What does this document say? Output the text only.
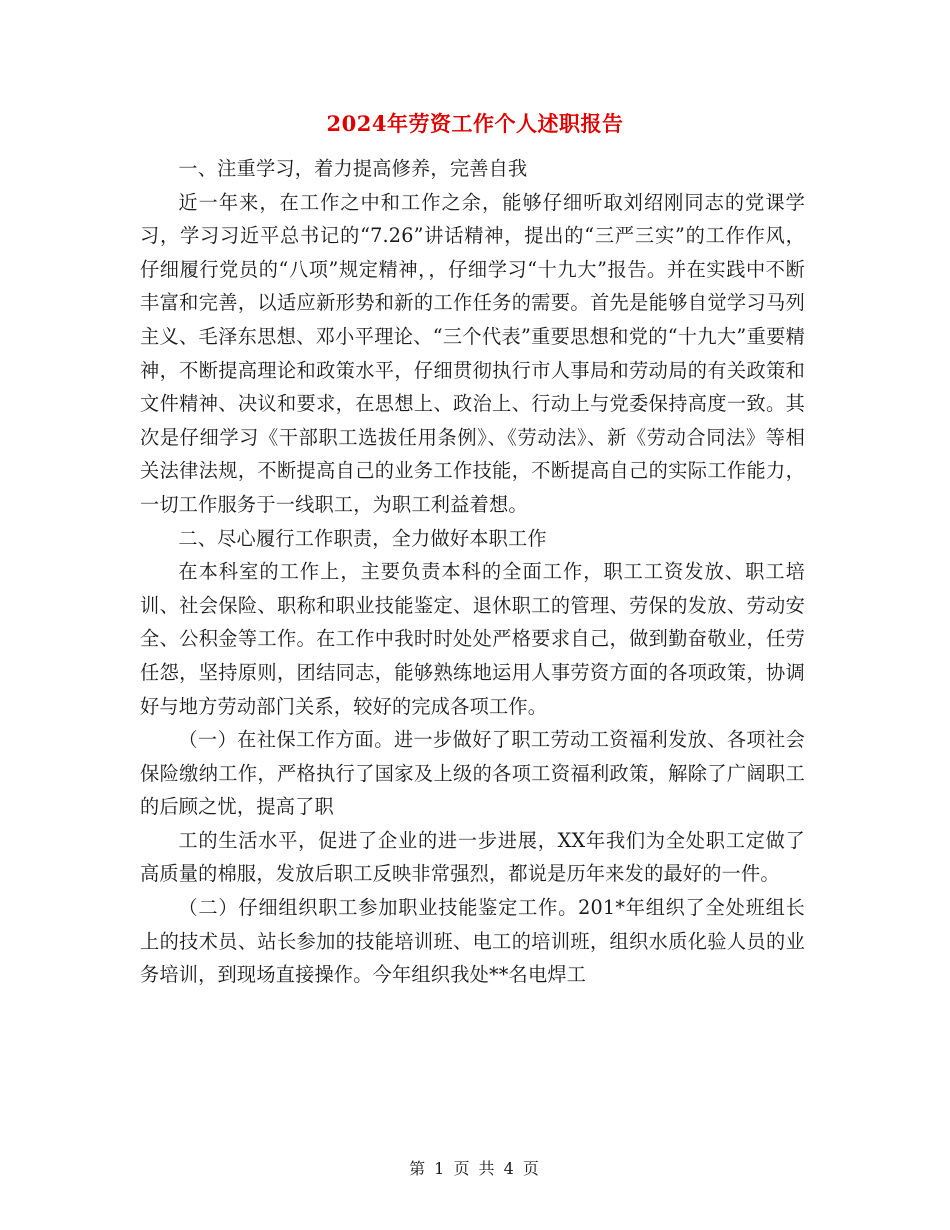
2024年劳资工作个人述职报告

一、注重学习，着力提高修养，完善自我

近一年来，在工作之中和工作之余，能够仔细听取刘绍刚同志的党课学习，学习习近平总书记的“7.26”讲话精神，提出的“三严三实”的工作作风，仔细履行党员的“八项”规定精神，，仔细学习“十九大”报告。并在实践中不断丰富和完善，以适应新形势和新的工作任务的需要。首先是能够自觉学习马列主义、毛泽东思想、邓小平理论、“三个代表”重要思想和党的“十九大”重要精神，不断提高理论和政策水平，仔细贯彻执行市人事局和劳动局的有关政策和文件精神、决议和要求，在思想上、政治上、行动上与党委保持高度一致。其次是仔细学习《干部职工选拔任用条例》、《劳动法》、新《劳动合同法》等相关法律法规，不断提高自己的业务工作技能，不断提高自己的实际工作能力，一切工作服务于一线职工，为职工利益着想。

二、尽心履行工作职责，全力做好本职工作

在本科室的工作上，主要负责本科的全面工作，职工工资发放、职工培训、社会保险、职称和职业技能鉴定、退休职工的管理、劳保的发放、劳动安全、公积金等工作。在工作中我时时处处严格要求自己，做到勤奋敬业，任劳任怨，坚持原则，团结同志，能够熟练地运用人事劳资方面的各项政策，协调好与地方劳动部门关系，较好的完成各项工作。

（一）在社保工作方面。进一步做好了职工劳动工资福利发放、各项社会保险缴纳工作，严格执行了国家及上级的各项工资福利政策，解除了广阔职工的后顾之忧，提高了职

工的生活水平，促进了企业的进一步进展，XX年我们为全处职工定做了高质量的棉服，发放后职工反映非常强烈，都说是历年来发的最好的一件。

（二）仔细组织职工参加职业技能鉴定工作。201*年组织了全处班组长上的技术员、站长参加的技能培训班、电工的培训班，组织水质化验人员的业务培训，到现场直接操作。今年组织我处**名电焊工

第 1 页 共 4 页
